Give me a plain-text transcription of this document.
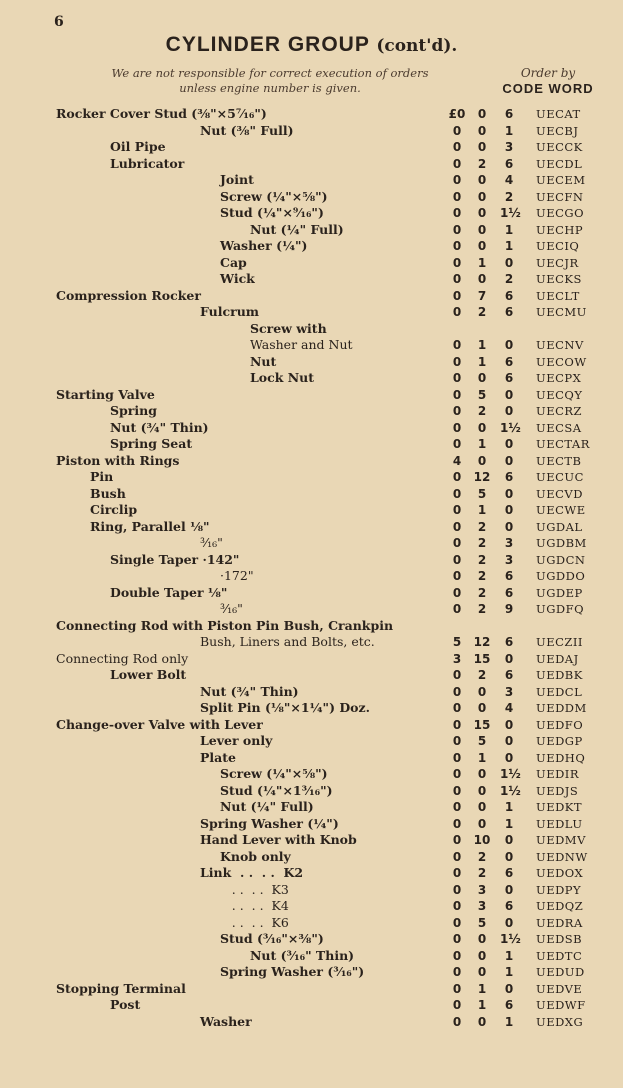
6
CYLINDER GROUP (cont'd).
We are not responsible for correct execution of orders unless engine number is given.
Order by
CODE WORD
Rocker Cover Stud (⅜"×5⁷⁄₁₆")	£0	0	6	UECAT
Nut (⅜" Full)	0	0	1	UECBJ
Oil Pipe	0	0	3	UECCK
Lubricator	0	2	6	UECDL
Joint	0	0	4	UECEM
Screw (¼"×⅝")	0	0	2	UECFN
Stud (¼"×⁹⁄₁₆")	0	0	1½ UECGO
Nut (¼" Full)	0	0	1	UECHP
Washer (¼")	0	0	1	UECIQ
Cap	0	1	0	UECJR
Wick	0	0	2	UECKS
Compression Rocker	0	7	6	UECLT
Fulcrum	0	2	6	UECMU
Screw with
Washer and Nut	0	1	0	UECNV
Nut	0	1	6	UECOW
Lock Nut	0	0	6	UECPX
Starting Valve	0	5	0	UECQY
Spring	0	2	0	UECRZ
Nut (¾" Thin)	0	0	1½ UECSA
Spring Seat	0	1	0	UECTAR
Piston with Rings	4	0	0	UECTB
Pin	0	12	6	UECUC
Bush	0	5	0	UECVD
Circlip	0	1	0	UECWE
Ring, Parallel ⅛"	0	2	0	UGDAL
³⁄₁₆"	0	2	3	UGDBM
Single Taper ·142"	0	2	3	UGDCN
·172"	0	2	6	UGDDO
Double Taper ⅛"	0	2	6	UGDEP
³⁄₁₆"	0	2	9	UGDFQ
Connecting Rod with Piston Pin Bush, Crankpin
Bush, Liners and Bolts, etc.	5	12	6	UECZII
Connecting Rod only	3	15	0	UEDAJ
Lower Bolt	0	2	6	UEDBK
Nut (¾" Thin)	0	0	3	UEDCL
Split Pin (⅛"×1¼") Doz.	0	0	4	UEDDM
Change-over Valve with Lever	0	15	0	UEDFO
Lever only	0	5	0	UEDGP
Plate	0	1	0	UEDHQ
Screw (¼"×⅝")	0	0	1½ UEDIR
Stud (¼"×1³⁄₁₆")	0	0	1½ UEDJS
Nut (¼" Full)	0	0	1	UEDKT
Spring Washer (¼")	0	0	1	UEDLU
Hand Lever with Knob	0	10	0	UEDMV
Knob only	0	2	0	UEDNW
Link  . .  . .  K2	0	2	6	UEDOX
. .  . .  K3	0	3	0	UEDPY
. .  . .  K4	0	3	6	UEDQZ
. .  . .  K6	0	5	0	UEDRA
Stud (³⁄₁₆"×⅜")	0	0	1½ UEDSB
Nut (³⁄₁₆" Thin)	0	0	1	UEDTC
Spring Washer (³⁄₁₆")	0	0	1	UEDUD
Stopping Terminal	0	1	0	UEDVE
Post	0	1	6	UEDWF
Washer	0	0	1	UEDXG
